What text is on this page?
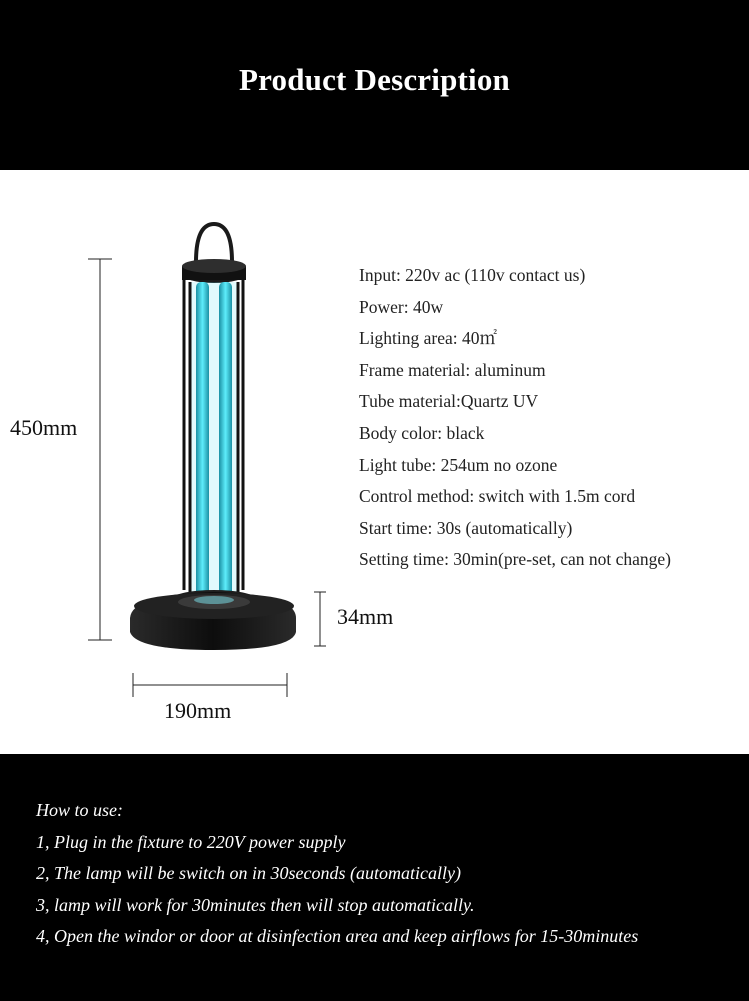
Product Description
450mm
34mm
190mm
Input: 220v ac (110v contact us)
Power: 40w
Lighting area: 40㎡
Frame material: aluminum
Tube material:Quartz UV
Body color: black
Light tube: 254um no ozone
Control method: switch with 1.5m cord
Start time: 30s (automatically)
Setting time: 30min(pre-set, can not change)
How to use:
1, Plug in the fixture to 220V power supply
2, The lamp will be switch on in 30seconds (automatically)
3, lamp will work for 30minutes then will stop automatically.
4, Open the windor or door at disinfection area and keep airflows for 15-30minutes
